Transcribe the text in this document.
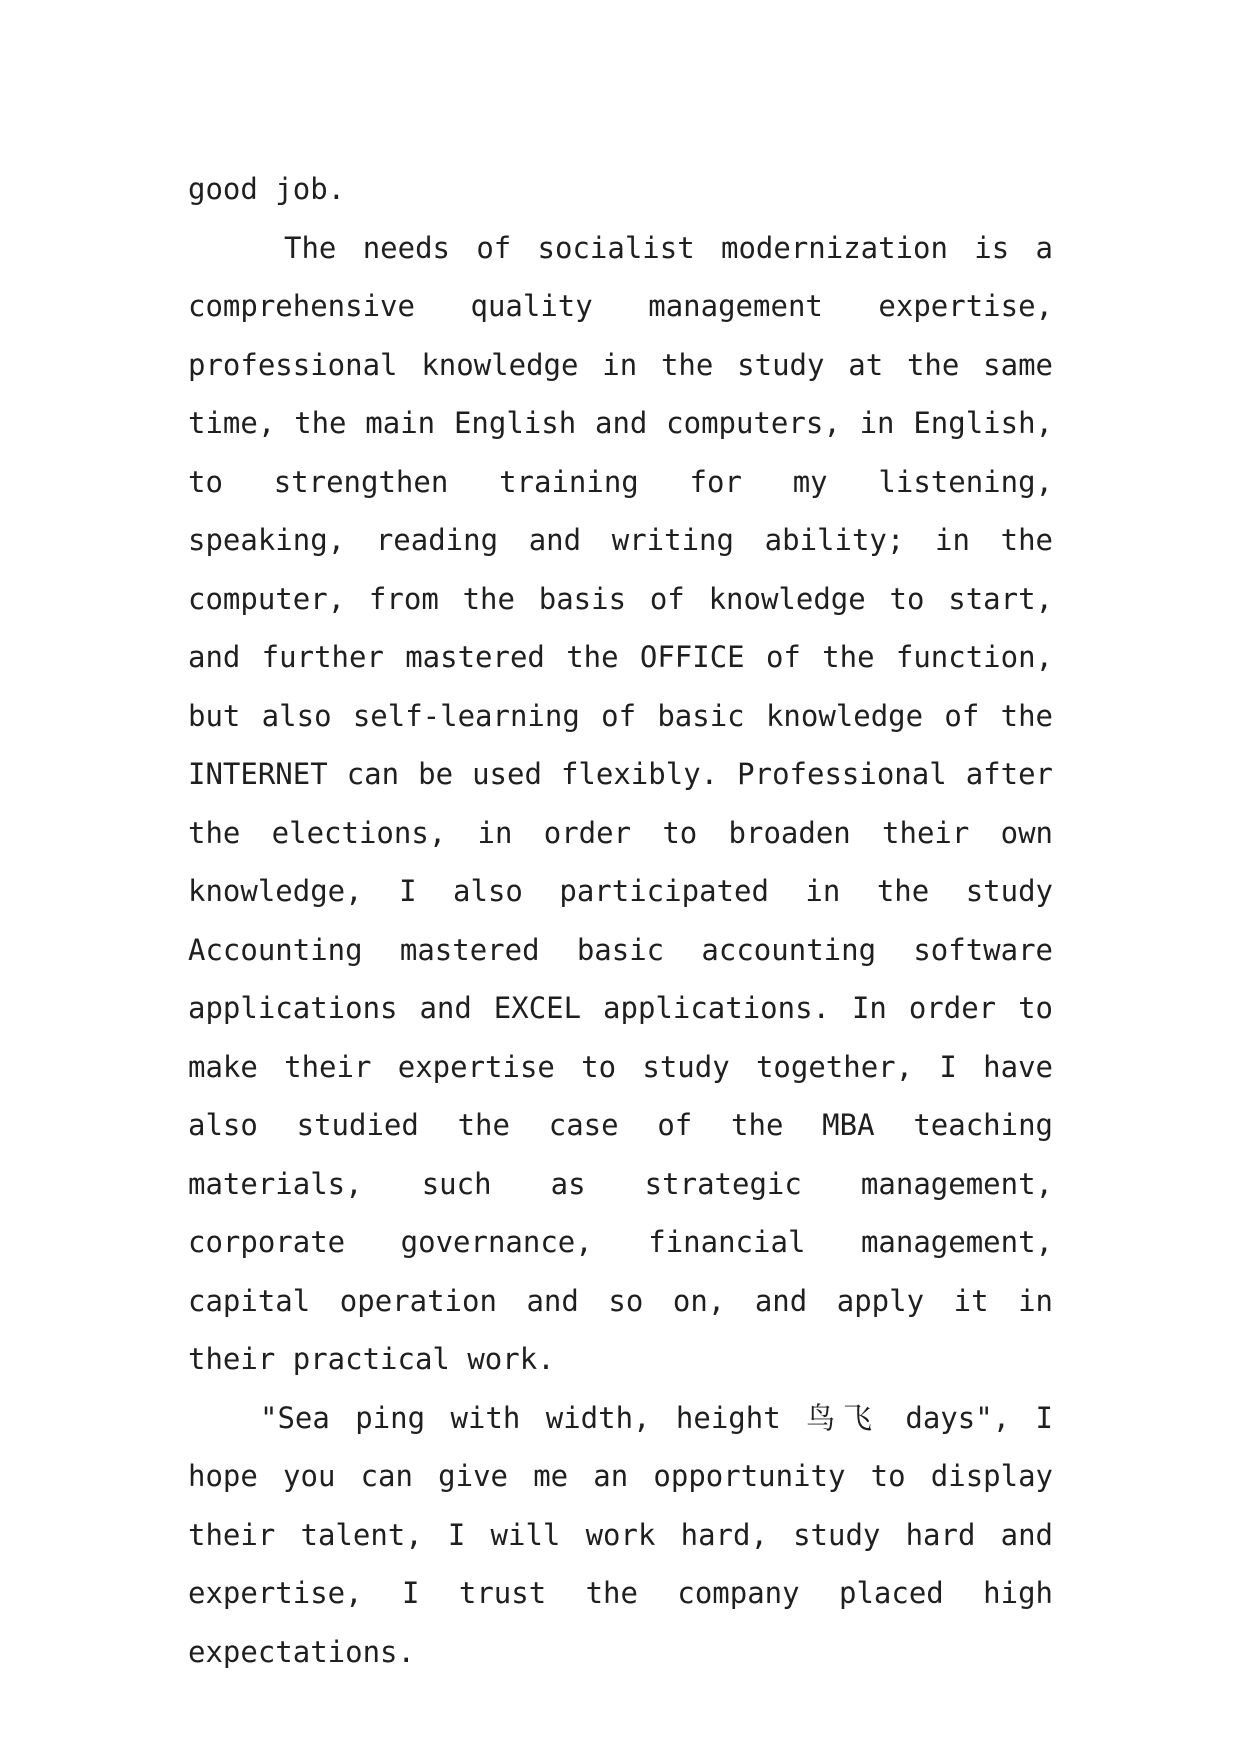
good job.

The needs of socialist modernization is a comprehensive quality management expertise, professional knowledge in the study at the same time, the main English and computers, in English, to strengthen training for my listening, speaking, reading and writing ability; in the computer, from the basis of knowledge to start, and further mastered the OFFICE of the function, but also self-learning of basic knowledge of the INTERNET can be used flexibly. Professional after the elections, in order to broaden their own knowledge, I also participated in the study Accounting mastered basic accounting software applications and EXCEL applications. In order to make their expertise to study together, I have also studied the case of the MBA teaching materials, such as strategic management, corporate governance, financial management, capital operation and so on, and apply it in their practical work.

"Sea ping with width, height 鸟飞 days", I hope you can give me an opportunity to display their talent, I will work hard, study hard and expertise, I trust the company placed high expectations.
